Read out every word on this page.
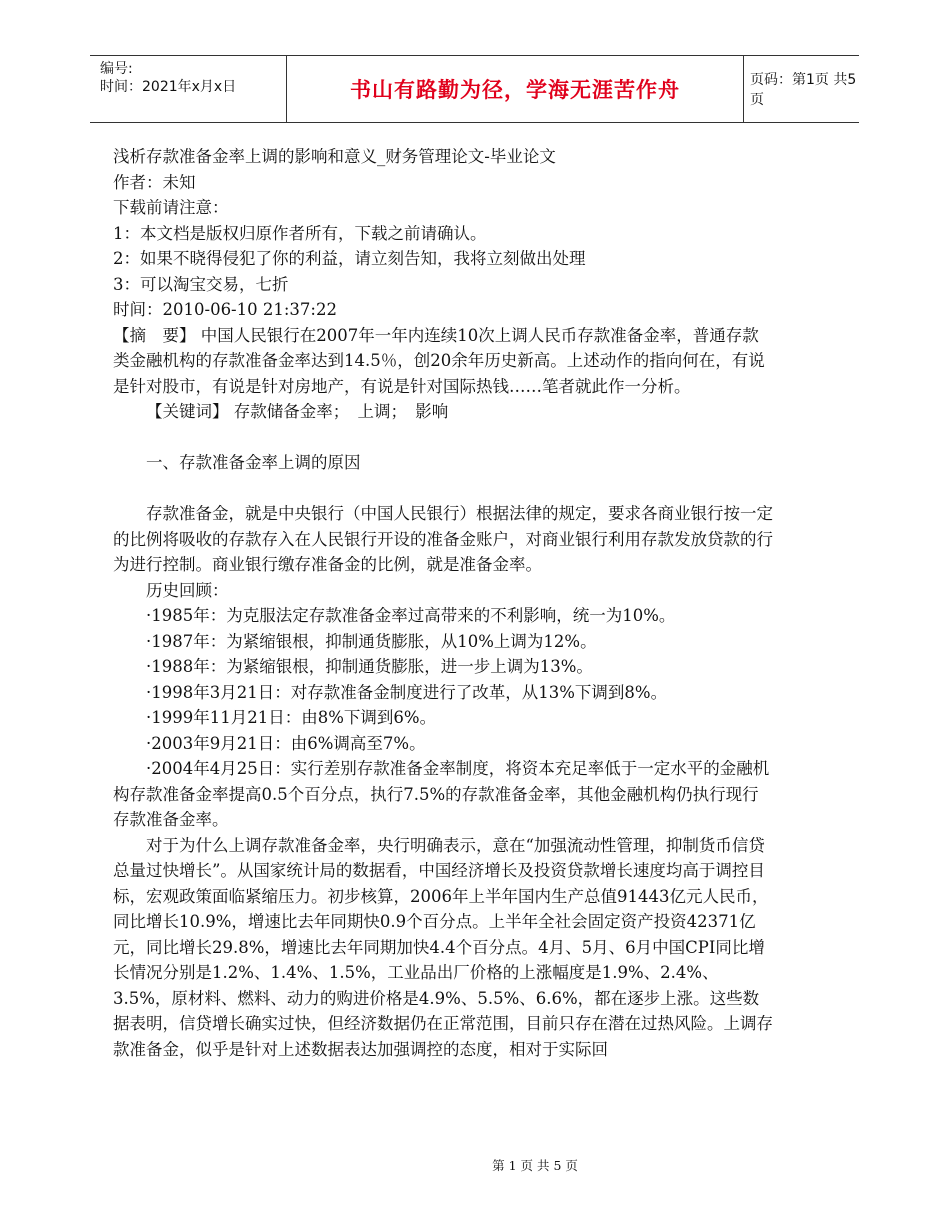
编号:
时间：2021年x月x日	书山有路勤为径，学海无涯苦作舟	页码：第1页 共5页

浅析存款准备金率上调的影响和意义_财务管理论文-毕业论文

作者：未知

下载前请注意：

1：本文档是版权归原作者所有，下载之前请确认。

2：如果不晓得侵犯了你的利益，请立刻告知，我将立刻做出处理

3：可以淘宝交易，七折

时间：2010-06-10 21:37:22

【摘　要】 中国人民银行在2007年一年内连续10次上调人民币存款准备金率，普通存款类金融机构的存款准备金率达到14.5％，创20余年历史新高。上述动作的指向何在，有说是针对股市，有说是针对房地产，有说是针对国际热钱……笔者就此作一分析。

【关键词】 存款储备金率；　上调；　影响

一、存款准备金率上调的原因

存款准备金，就是中央银行（中国人民银行）根据法律的规定，要求各商业银行按一定的比例将吸收的存款存入在人民银行开设的准备金账户，对商业银行利用存款发放贷款的行为进行控制。商业银行缴存准备金的比例，就是准备金率。

历史回顾：

·1985年：为克服法定存款准备金率过高带来的不利影响，统一为10%。

·1987年：为紧缩银根，抑制通货膨胀，从10%上调为12%。

·1988年：为紧缩银根，抑制通货膨胀，进一步上调为13%。

·1998年3月21日：对存款准备金制度进行了改革，从13%下调到8%。

·1999年11月21日：由8%下调到6%。

·2003年9月21日：由6%调高至7%。

·2004年4月25日：实行差别存款准备金率制度，将资本充足率低于一定水平的金融机构存款准备金率提高0.5个百分点，执行7.5%的存款准备金率，其他金融机构仍执行现行存款准备金率。

对于为什么上调存款准备金率，央行明确表示，意在“加强流动性管理，抑制货币信贷总量过快增长”。从国家统计局的数据看，中国经济增长及投资贷款增长速度均高于调控目标，宏观政策面临紧缩压力。初步核算，2006年上半年国内生产总值91443亿元人民币，同比增长10.9%，增速比去年同期快0.9个百分点。上半年全社会固定资产投资42371亿元，同比增长29.8%，增速比去年同期加快4.4个百分点。4月、5月、6月中国CPI同比增长情况分别是1.2%、1.4%、1.5%，工业品出厂价格的上涨幅度是1.9%、2.4%、3.5%，原材料、燃料、动力的购进价格是4.9%、5.5%、6.6%，都在逐步上涨。这些数据表明，信贷增长确实过快，但经济数据仍在正常范围，目前只存在潜在过热风险。上调存款准备金，似乎是针对上述数据表达加强调控的态度，相对于实际回

第 1 页 共 5 页
